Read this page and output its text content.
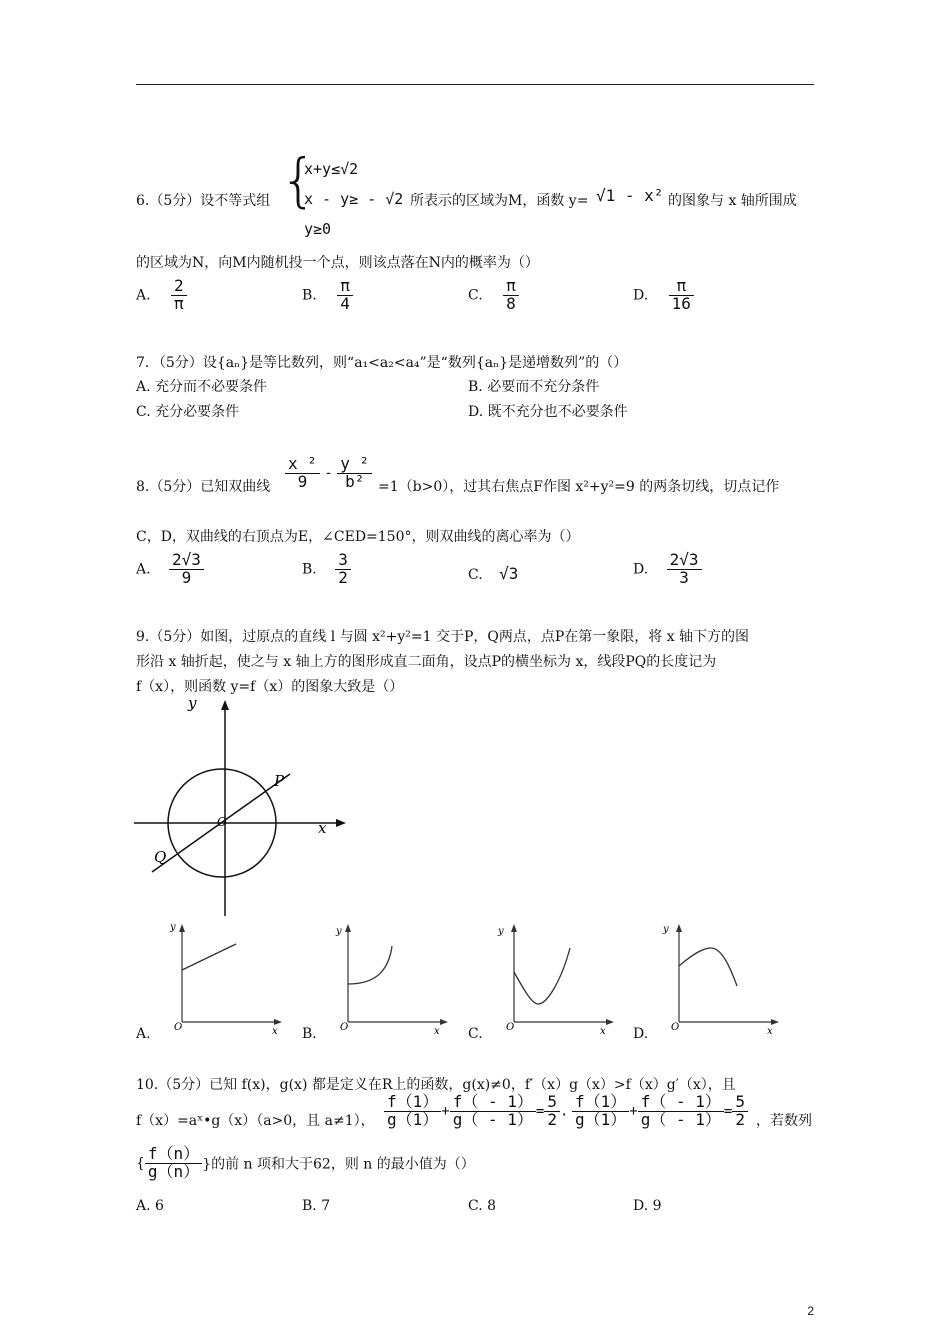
6.（5分）设不等式组 {
x+y≤√2
x - y≥ - √2
y≥0
所表示的区域为M，函数 y= √1 - x² 的图象与 x 轴所围成
的区域为N，向M内随机投一个点，则该点落在N内的概率为（）
A. $\frac{2}{\pi}$	B. $\frac{\pi}{4}$	C. $\frac{\pi}{8}$	D. $\frac{\pi}{16}$
7．（5分）设{aₙ}是等比数列，则“a₁<a₂<a₄”是“数列{aₙ}是递增数列”的（）
A. 充分而不必要条件	B. 必要而不充分条件
C. 充分必要条件	D. 既不充分也不必要条件
8.（5分）已知双曲线 $\frac{\text{x ²}}{9} - \frac{\text{y ²}}{\text{b²}} =1(b>0)$，过其右焦点F作图 x²+y²=9 的两条切线，切点记作
C，D，双曲线的右顶点为E，∠CED=150°，则双曲线的离心率为（）
A. $\frac{2√3}{9}$	B. $\frac{3}{2}$	C. √3	D. $\frac{2√3}{3}$
9.（5分）如图，过原点的直线 l 与圆 x²+y²=1 交于P，Q两点，点P在第一象限，将 x 轴下方的图
形沿 x 轴折起，使之与 x 轴上方的图形成直二面角，设点P的横坐标为 x，线段PQ的长度记为
f（x），则函数 y=f（x）的图象大致是（）
y
x
O
P
Q
A.
y
x
O	B.
y
x
O	C.
y
x
O	D.
y
x
O
10.（5分）已知 f(x)，g(x) 都是定义在R上的函数，g(x)≠0，f′（x）g（x）>f（x）g′（x），且
f（x）=aˣ•g（x）（a>0，且 a≠1）， $\frac{f(1)}{g(1)} + \frac{f( - 1)}{g( - 1)} = \frac{5}{2}$ . $\frac{f(1)}{g(1)} + \frac{f( - 1)}{g( - 1)} = \frac{5}{2}$ ，若数列
{ $\frac{f(n)}{g(n)}$ }的前 n 项和大于62，则 n 的最小值为（）
A. 6	B. 7	C. 8	D. 9
2
